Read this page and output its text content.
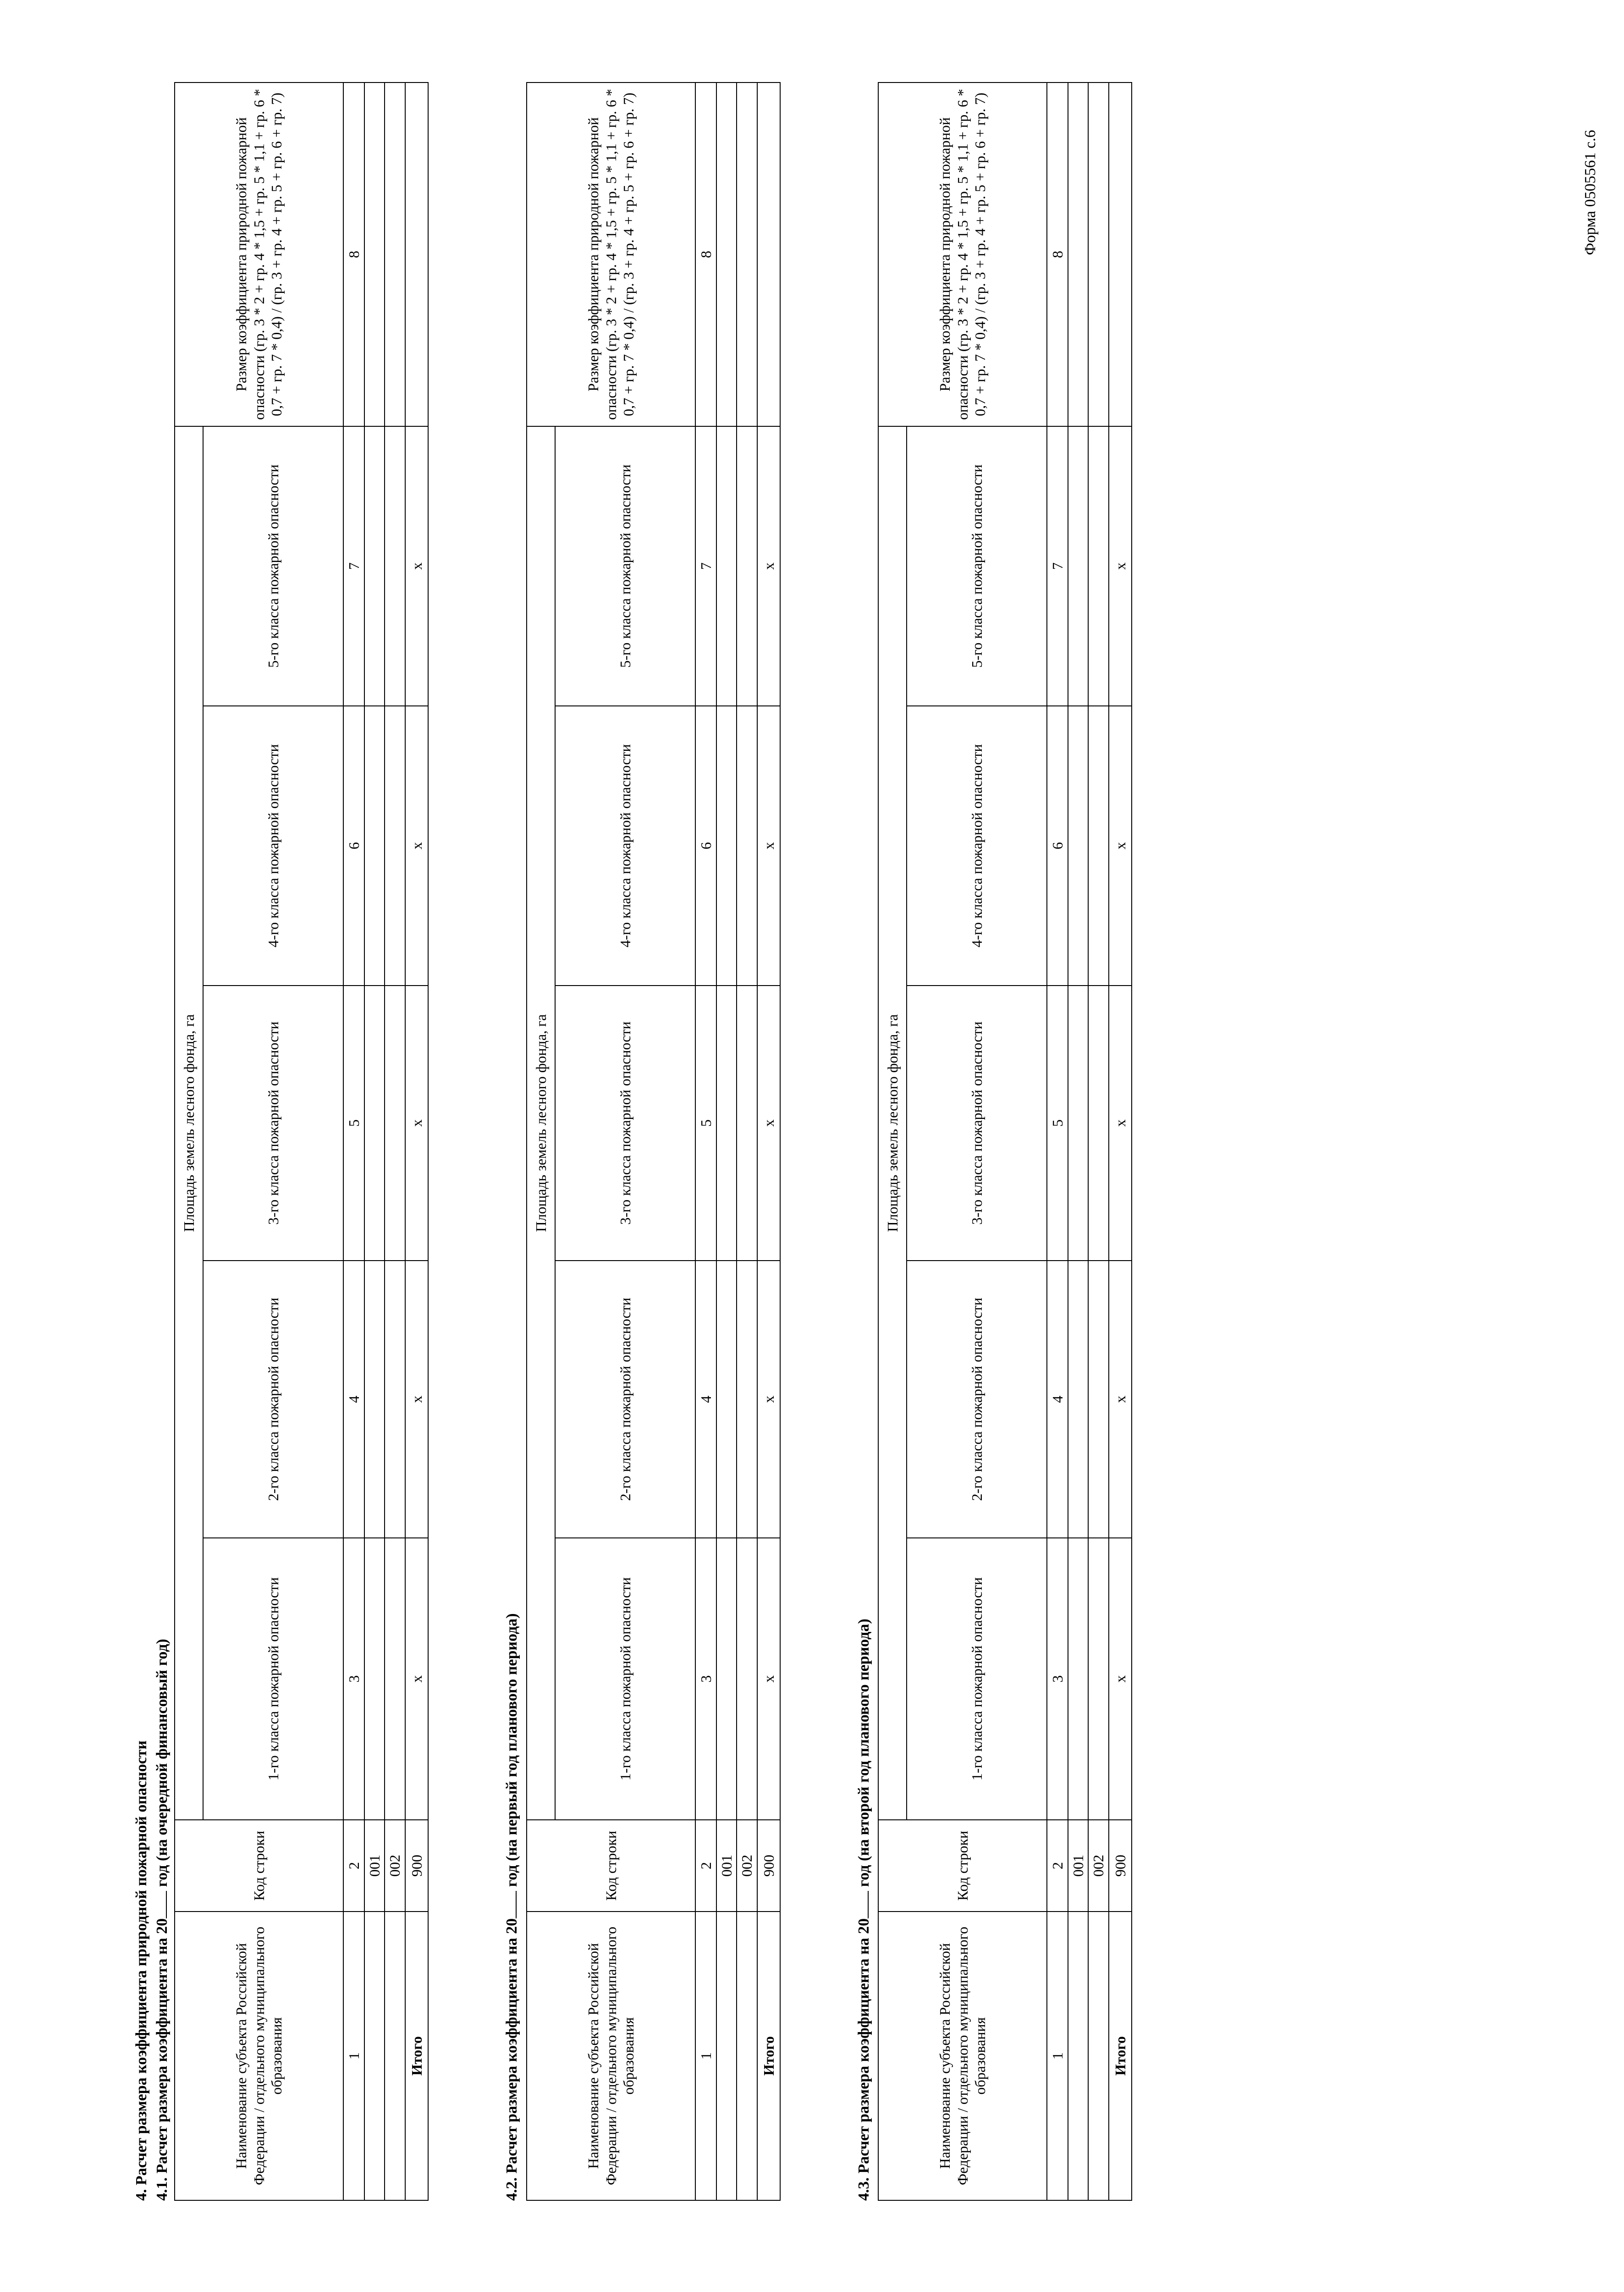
Форма 0505561 с.6
4. Расчет размера коэффициента природной пожарной опасности 4.1. Расчет размера коэффициента на 20 год (на очередной финансовый год)
Наименование субъекта Российской Федерации / отдельного муниципального образования	Код строки	Площадь земель лесного фонда, га					Размер коэффициента природной пожарной опасности (гр. 3 * 2 + гр. 4 * 1,5 + гр. 5 * 1,1 + гр. 6 * 0,7 + гр. 7 * 0,4) / (гр. 3 + гр. 4 + гр. 5 + гр. 6 + гр. 7)

		1-го класса пожарной опасности	2-го класса пожарной опасности	3-го класса пожарной опасности	4-го класса пожарной опасности	5-го класса пожарной опасности	

1	2	3	4	5	6	7	8
	001						
	002						
Итого	900	х	х	х	х	х	
4.2. Расчет размера коэффициента на 20 год (на первый год планового периода)
Наименование субъекта Российской Федерации / отдельного муниципального образования	Код строки	Площадь земель лесного фонда, га					Размер коэффициента природной пожарной опасности (гр. 3 * 2 + гр. 4 * 1,5 + гр. 5 * 1,1 + гр. 6 * 0,7 + гр. 7 * 0,4) / (гр. 3 + гр. 4 + гр. 5 + гр. 6 + гр. 7)

		1-го класса пожарной опасности	2-го класса пожарной опасности	3-го класса пожарной опасности	4-го класса пожарной опасности	5-го класса пожарной опасности	

1	2	3	4	5	6	7	8
	001						
	002						
Итого	900	х	х	х	х	х	
4.3. Расчет размера коэффициента на 20 год (на второй год планового периода)
Наименование субъекта Российской Федерации / отдельного муниципального образования	Код строки	Площадь земель лесного фонда, га					Размер коэффициента природной пожарной опасности (гр. 3 * 2 + гр. 4 * 1,5 + гр. 5 * 1,1 + гр. 6 * 0,7 + гр. 7 * 0,4) / (гр. 3 + гр. 4 + гр. 5 + гр. 6 + гр. 7)

		1-го класса пожарной опасности	2-го класса пожарной опасности	3-го класса пожарной опасности	4-го класса пожарной опасности	5-го класса пожарной опасности	

1	2	3	4	5	6	7	8
	001						
	002						
Итого	900	х	х	х	х	х	
